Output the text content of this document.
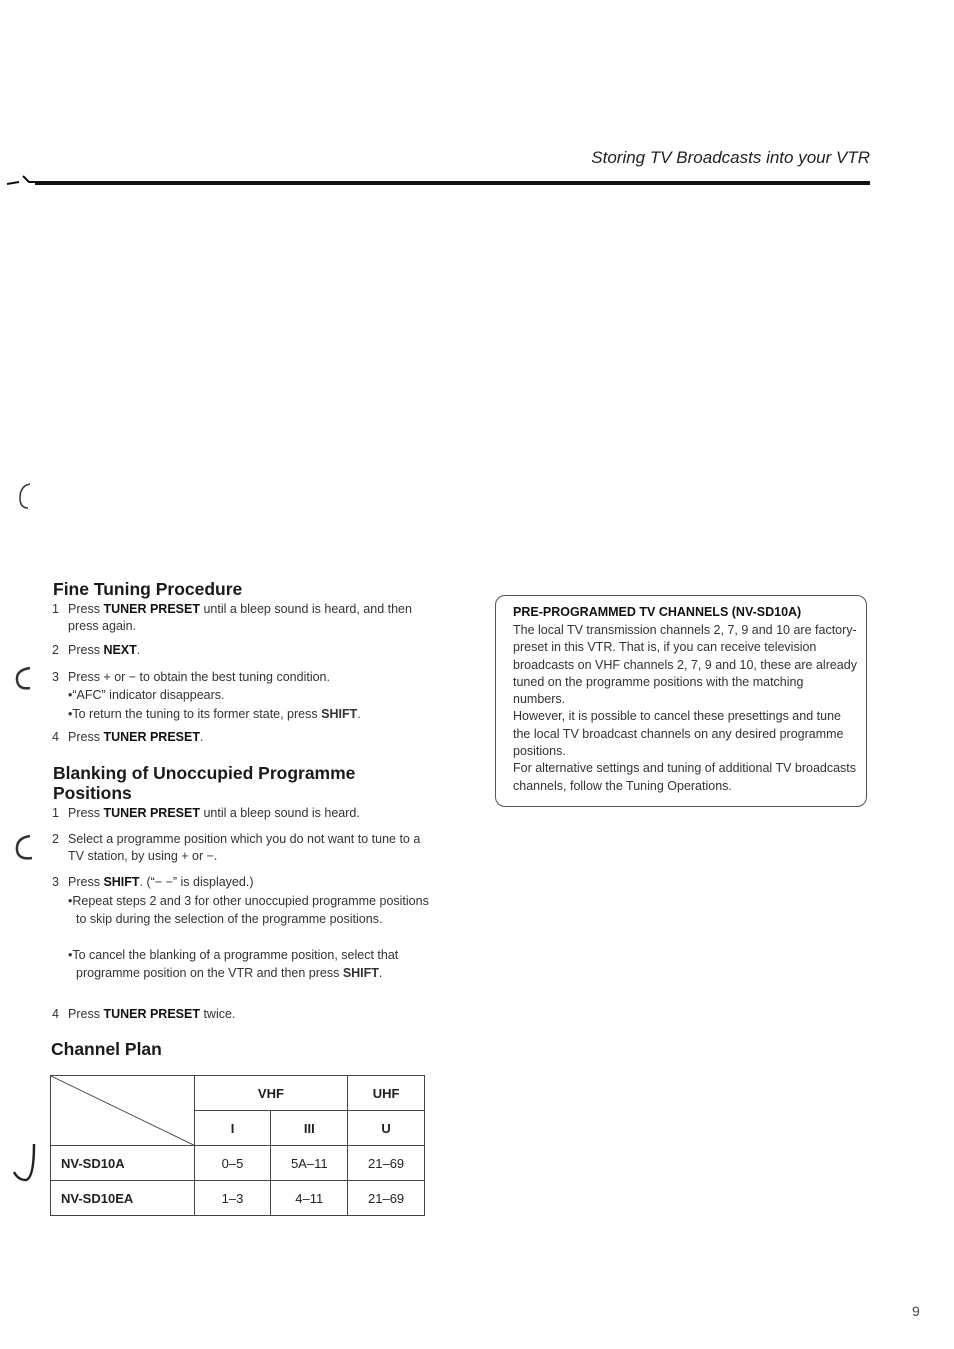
Storing TV Broadcasts into your VTR
Fine Tuning Procedure
1 Press TUNER PRESET until a bleep sound is heard, and then press again.
2 Press NEXT.
3 Press + or − to obtain the best tuning condition.
•“AFC” indicator disappears.
•To return the tuning to its former state, press SHIFT.
4 Press TUNER PRESET.
Blanking of Unoccupied Programme
Positions
1 Press TUNER PRESET until a bleep sound is heard.
2 Select a programme position which you do not want to tune to a TV station, by using + or −.
3 Press SHIFT. (“− −” is displayed.)
•Repeat steps 2 and 3 for other unoccupied programme positions to skip during the selection of the programme positions.
•To cancel the blanking of a programme position, select that programme position on the VTR and then press SHIFT.
4 Press TUNER PRESET twice.
Channel Plan
	VHF		UHF
	I	III	U
NV-SD10A	0–5	5A–11	21–69
NV-SD10EA	1–3	4–11	21–69
PRE-PROGRAMMED TV CHANNELS (NV-SD10A)
The local TV transmission channels 2, 7, 9 and 10 are factory-preset in this VTR. That is, if you can receive television broadcasts on VHF channels 2, 7, 9 and 10, these are already tuned on the programme positions with the matching numbers.
However, it is possible to cancel these presettings and tune the local TV broadcast channels on any desired programme positions.
For alternative settings and tuning of additional TV broadcasts channels, follow the Tuning Operations.
9
